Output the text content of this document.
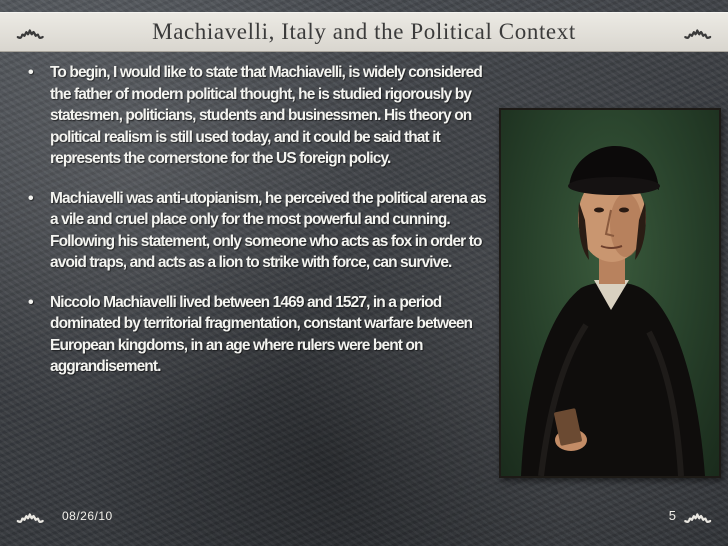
Machiavelli, Italy and the Political Context
෴	෴
• To begin, I would like to state that Machiavelli, is widely considered the father of modern political thought, he is studied rigorously by statesmen, politicians, students and businessmen. His theory on political realism is still used today, and it could be said that it represents the cornerstone for the US foreign policy.
• Machiavelli was anti-utopianism, he perceived the political arena as a vile and cruel place only for the most powerful and cunning. Following his statement, only someone who acts as fox in order to avoid traps, and acts as a lion to strike with force, can survive.
• Niccolo Machiavelli lived between 1469 and 1527, in a period dominated by territorial fragmentation, constant warfare between European kingdoms, in an age where rulers were bent on aggrandisement.
෴ 08/26/10	5 ෴
